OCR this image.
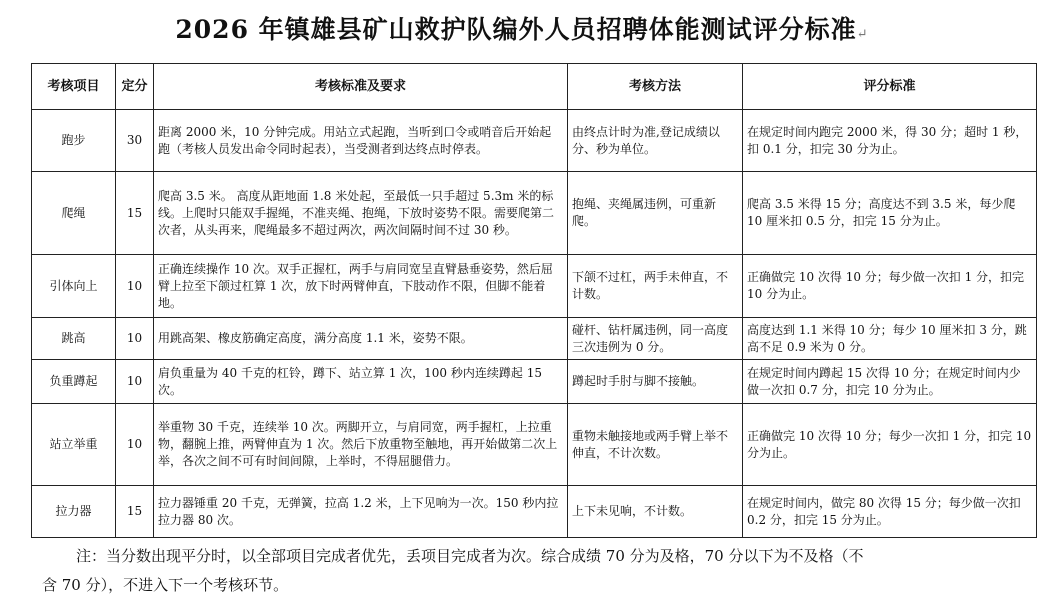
2026 年镇雄县矿山救护队编外人员招聘体能测试评分标准↵
考核项目	定分	考核标准及要求	考核方法	评分标准
跑步	30	距离 2000 米，10 分钟完成。用站立式起跑，当听到口令或哨音后开始起跑（考核人员发出命令同时起表），当受测者到达终点时停表。	由终点计时为准,登记成绩以分、秒为单位。	在规定时间内跑完 2000 米，得 30 分；超时 1 秒，扣 0.1 分，扣完 30 分为止。
爬绳	15	爬高 3.5 米。 高度从距地面 1.8 米处起，至最低一只手超过 5.3m 米的标线。上爬时只能双手握绳，不准夹绳、抱绳，下放时姿势不限。需要爬第二次者，从头再来，爬绳最多不超过两次，两次间隔时间不过 30 秒。	抱绳、夹绳属违例，可重新爬。	爬高 3.5 米得 15 分；高度达不到 3.5 米，每少爬 10 厘米扣 0.5 分，扣完 15 分为止。
引体向上	10	正确连续操作 10 次。双手正握杠，两手与肩同宽呈直臂悬垂姿势，然后屈臂上拉至下颌过杠算 1 次，放下时两臂伸直，下肢动作不限，但脚不能着地。	下颌不过杠，两手未伸直，不计数。	正确做完 10 次得 10 分；每少做一次扣 1 分，扣完 10 分为止。
跳高	10	用跳高架、橡皮筋确定高度，满分高度 1.1 米，姿势不限。	碰杆、钻杆属违例，同一高度三次违例为 0 分。	高度达到 1.1 米得 10 分；每少 10 厘米扣 3 分，跳高不足 0.9 米为 0 分。
负重蹲起	10	肩负重量为 40 千克的杠铃，蹲下、站立算 1 次，100 秒内连续蹲起 15 次。	蹲起时手肘与脚不接触。	在规定时间内蹲起 15 次得 10 分；在规定时间内少做一次扣 0.7 分，扣完 10 分为止。
站立举重	10	举重物 30 千克，连续举 10 次。两脚开立，与肩同宽，两手握杠，上拉重物，翻腕上推，两臂伸直为 1 次。然后下放重物至触地，再开始做第二次上举，各次之间不可有时间间隙，上举时，不得屈腿借力。	重物未触接地或两手臂上举不伸直，不计次数。	正确做完 10 次得 10 分；每少一次扣 1 分，扣完 10 分为止。
拉力器	15	拉力器锤重 20 千克，无弹簧，拉高 1.2 米，上下见响为一次。150 秒内拉拉力器 80 次。	上下未见响，不计数。	在规定时间内，做完 80 次得 15 分；每少做一次扣 0.2 分，扣完 15 分为止。
注：当分数出现平分时，以全部项目完成者优先，丢项目完成者为次。综合成绩 70 分为及格，70 分以下为不及格（不
含 70 分），不进入下一个考核环节。
